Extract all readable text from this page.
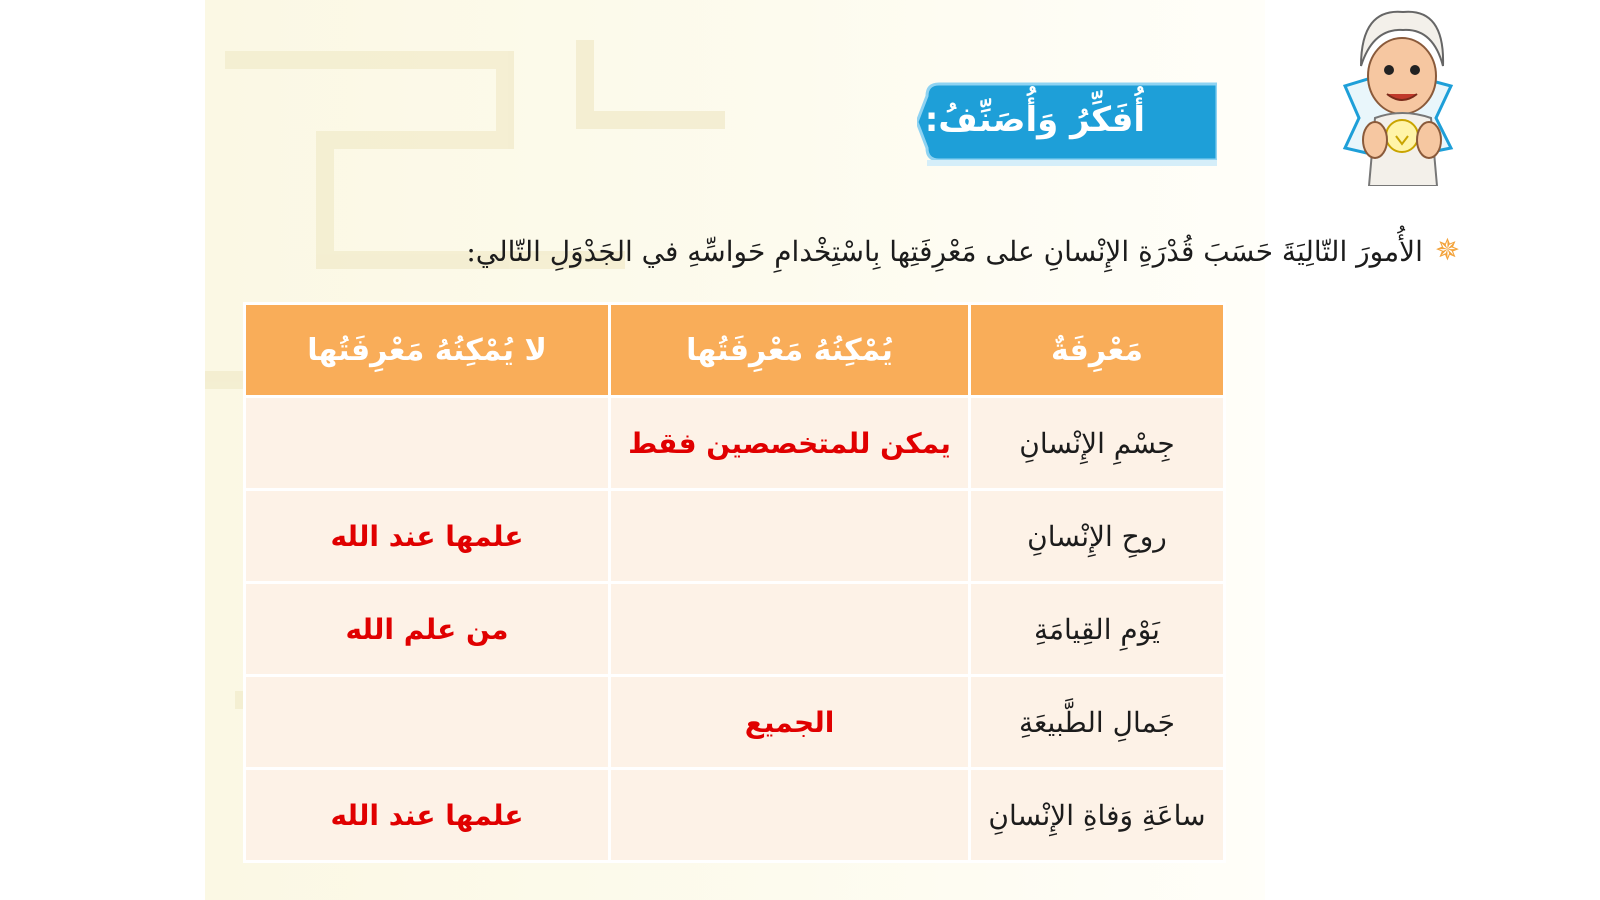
أُفَكِّرُ وَأُصَنِّفُ:
✵
الأُمورَ التّالِيَةَ حَسَبَ قُدْرَةِ الإِنْسانِ على مَعْرِفَتِها بِاسْتِخْدامِ حَواسِّهِ في الجَدْوَلِ التّالي:
مَعْرِفَةٌ	يُمْكِنُهُ مَعْرِفَتُها	لا يُمْكِنُهُ مَعْرِفَتُها
جِسْمِ الإِنْسانِ	يمكن للمتخصصين فقط	
روحِ الإِنْسانِ		علمها عند الله
يَوْمِ القِيامَةِ		من علم الله
جَمالِ الطَّبيعَةِ	الجميع	
ساعَةِ وَفاةِ الإِنْسانِ		علمها عند الله
